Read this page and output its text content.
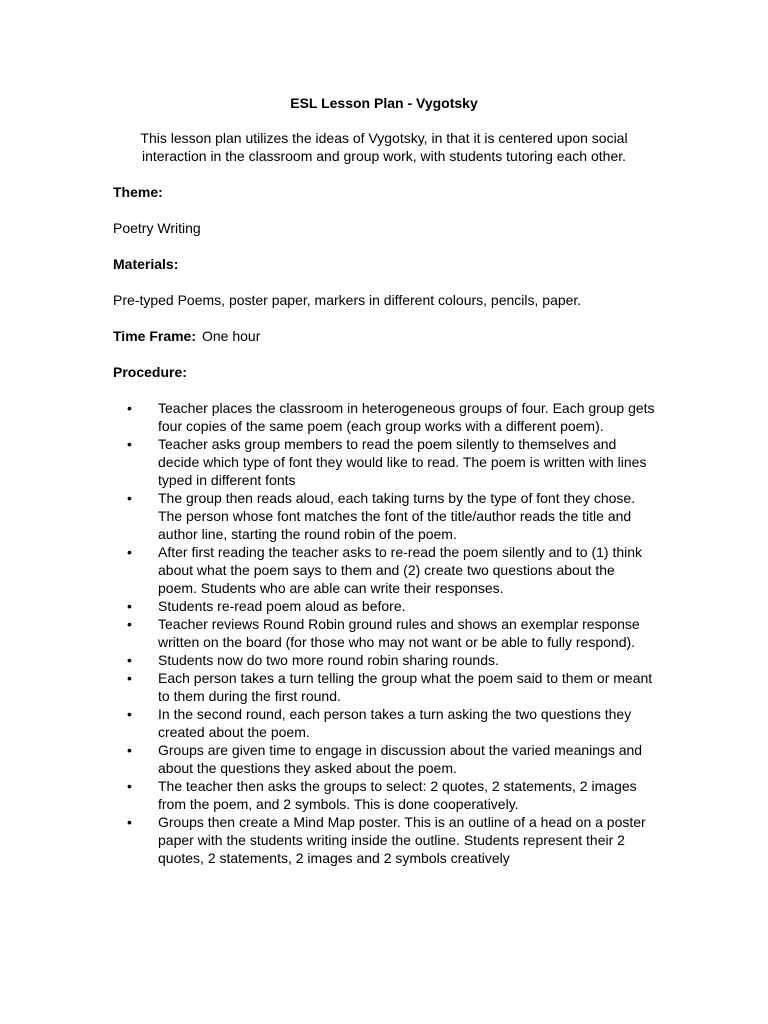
ESL Lesson Plan - Vygotsky
This lesson plan utilizes the ideas of Vygotsky, in that it is centered upon social interaction in the classroom and group work, with students tutoring each other.
Theme:
Poetry Writing
Materials:
Pre-typed Poems, poster paper, markers in different colours, pencils, paper.
Time Frame: One hour
Procedure:
• Teacher places the classroom in heterogeneous groups of four. Each group gets four copies of the same poem (each group works with a different poem).
• Teacher asks group members to read the poem silently to themselves and decide which type of font they would like to read. The poem is written with lines typed in different fonts
• The group then reads aloud, each taking turns by the type of font they chose. The person whose font matches the font of the title/author reads the title and author line, starting the round robin of the poem.
• After first reading the teacher asks to re-read the poem silently and to (1) think about what the poem says to them and (2) create two questions about the poem. Students who are able can write their responses.
• Students re-read poem aloud as before.
• Teacher reviews Round Robin ground rules and shows an exemplar response written on the board (for those who may not want or be able to fully respond).
• Students now do two more round robin sharing rounds.
• Each person takes a turn telling the group what the poem said to them or meant to them during the first round.
• In the second round, each person takes a turn asking the two questions they created about the poem.
• Groups are given time to engage in discussion about the varied meanings and about the questions they asked about the poem.
• The teacher then asks the groups to select: 2 quotes, 2 statements, 2 images from the poem, and 2 symbols. This is done cooperatively.
• Groups then create a Mind Map poster. This is an outline of a head on a poster paper with the students writing inside the outline. Students represent their 2 quotes, 2 statements, 2 images and 2 symbols creatively
